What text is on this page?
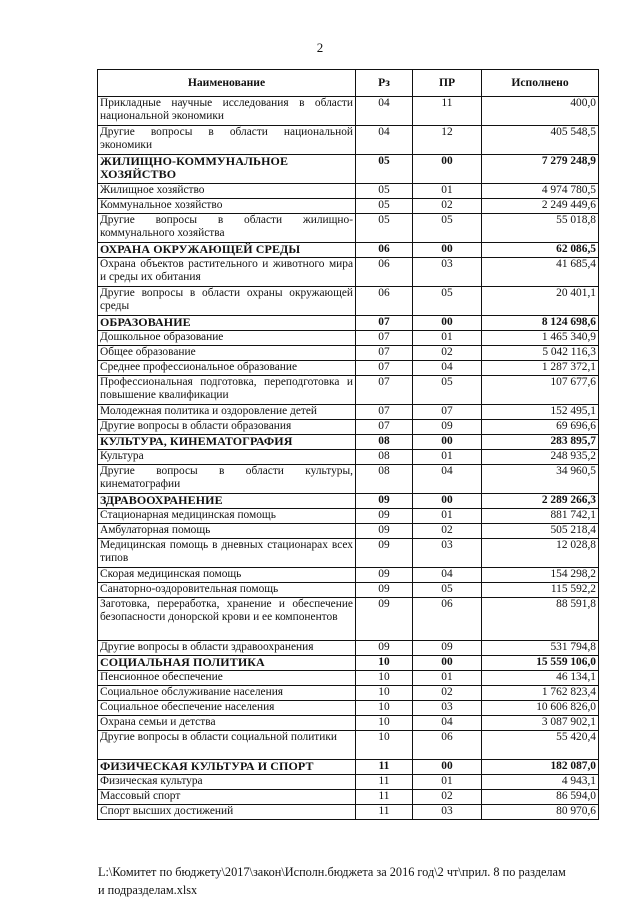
2
Наименование	Рз	ПР	Исполнено
Прикладные научные исследования в области национальной экономики	04	11	400,0
Другие вопросы в области национальной экономики	04	12	405 548,5
ЖИЛИЩНО-КОММУНАЛЬНОЕ ХОЗЯЙСТВО	05	00	7 279 248,9
Жилищное хозяйство	05	01	4 974 780,5
Коммунальное хозяйство	05	02	2 249 449,6
Другие вопросы в области жилищно-коммунального хозяйства	05	05	55 018,8
ОХРАНА ОКРУЖАЮЩЕЙ СРЕДЫ	06	00	62 086,5
Охрана объектов растительного и животного мира и среды их обитания	06	03	41 685,4
Другие вопросы в области охраны окружающей среды	06	05	20 401,1
ОБРАЗОВАНИЕ	07	00	8 124 698,6
Дошкольное образование	07	01	1 465 340,9
Общее образование	07	02	5 042 116,3
Среднее профессиональное образование	07	04	1 287 372,1
Профессиональная подготовка, переподготовка и повышение квалификации	07	05	107 677,6
Молодежная политика и оздоровление детей	07	07	152 495,1
Другие вопросы в области образования	07	09	69 696,6
КУЛЬТУРА, КИНЕМАТОГРАФИЯ	08	00	283 895,7
Культура	08	01	248 935,2
Другие вопросы в области культуры, кинематографии	08	04	34 960,5
ЗДРАВООХРАНЕНИЕ	09	00	2 289 266,3
Стационарная медицинская помощь	09	01	881 742,1
Амбулаторная помощь	09	02	505 218,4
Медицинская помощь в дневных стационарах всех типов	09	03	12 028,8
Скорая медицинская помощь	09	04	154 298,2
Санаторно-оздоровительная помощь	09	05	115 592,2
Заготовка, переработка, хранение и обеспечение безопасности донорской крови и ее компонентов	09	06	88 591,8
Другие вопросы в области здравоохранения	09	09	531 794,8
СОЦИАЛЬНАЯ ПОЛИТИКА	10	00	15 559 106,0
Пенсионное обеспечение	10	01	46 134,1
Социальное обслуживание населения	10	02	1 762 823,4
Социальное обеспечение населения	10	03	10 606 826,0
Охрана семьи и детства	10	04	3 087 902,1
Другие вопросы в области социальной политики	10	06	55 420,4
ФИЗИЧЕСКАЯ КУЛЬТУРА И СПОРТ	11	00	182 087,0
Физическая культура	11	01	4 943,1
Массовый спорт	11	02	86 594,0
Спорт высших достижений	11	03	80 970,6
L:\Комитет по бюджету\2017\закон\Исполн.бюджета за 2016 год\2 чт\прил. 8 по разделам и подразделам.xlsx
